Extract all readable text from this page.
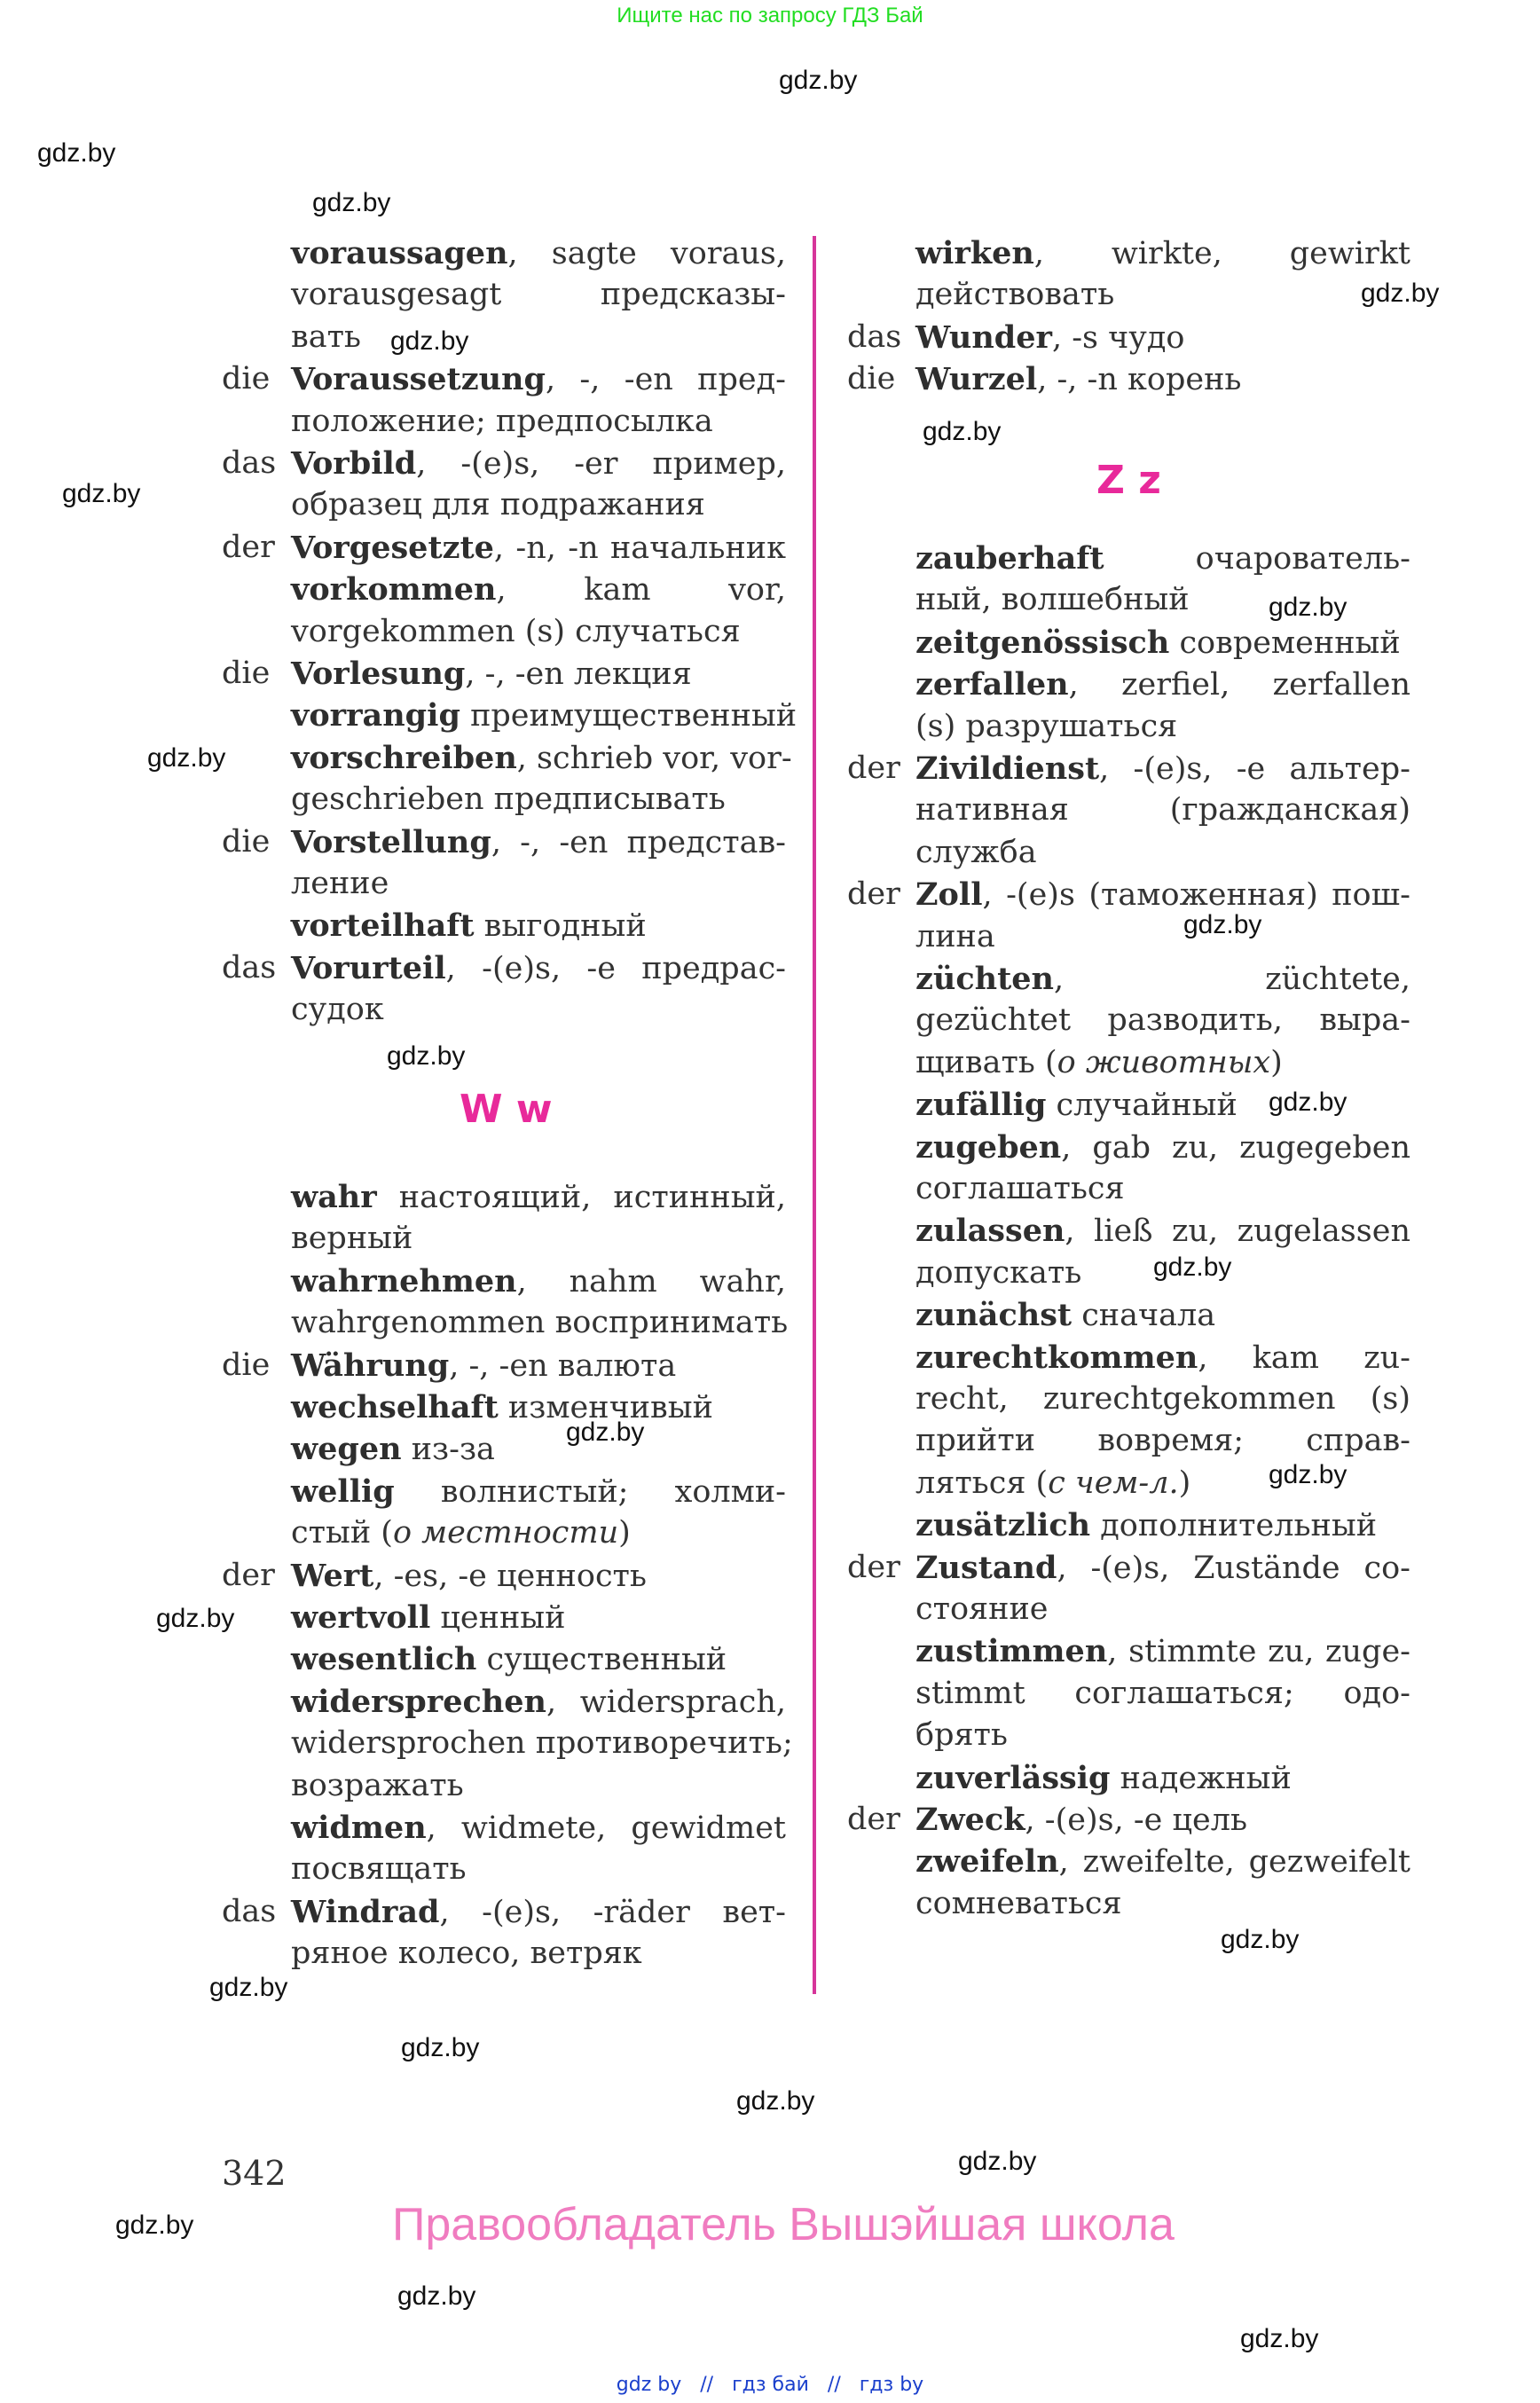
Ищите нас по запросу ГДЗ Бай
voraussagen, sagte voraus,
vorausgesagt   предсказы-
вать
die Voraussetzung, -, -en пред-
положение; предпосылка
das Vorbild, -(e)s, -er пример,
образец для подражания
der Vorgesetzte, -n, -n начальник
vorkommen,    kam    vor,
vorgekommen (s) случаться
die Vorlesung, -, -en лекция
vorrangig преимущественный
vorschreiben, schrieb vor, vor-
geschrieben предписывать
die Vorstellung, -, -en представ-
ление
vorteilhaft выгодный
das Vorurteil, -(e)s, -e предрас-
судок
W w
wahr настоящий, истинный,
верный
wahrnehmen,   nahm   wahr,
wahrgenommen воспринимать
die Währung, -, -en валюта
wechselhaft изменчивый
wegen из-за
wellig  волнистый;  холми-
стый (о местности)
der Wert, -es, -e ценность
wertvoll ценный
wesentlich существенный
widersprechen, widersprach,
widersprochen противоречить;
возражать
widmen, widmete, gewidmet
посвящать
das Windrad, -(e)s, -räder вет-
ряное колесо, ветряк
wirken,   wirkte,   gewirkt
действовать
das Wunder, -s чудо
die Wurzel, -, -n корень
Z z
zauberhaft    очарователь-
ный, волшебный
zeitgenössisch современный
zerfallen,  zerfiel,  zerfallen
(s) разрушаться
der Zivildienst, -(e)s, -e альтер-
нативная    (гражданская)
служба
der Zoll, -(e)s (таможенная) пош-
лина
züchten,          züchtete,
gezüchtet разводить, выра-
щивать (о животных)
zufällig случайный
zugeben, gab zu, zugegeben
соглашаться
zulassen, ließ zu, zugelassen
допускать
zunächst сначала
zurechtkommen,   kam   zu-
recht, zurechtgekommen (s)
прийти   вовремя;   справ-
ляться (с чем-л.)
zusätzlich дополнительный
der Zustand, -(e)s, Zustände co-
стояние
zustimmen, stimmte zu, zuge-
stimmt  соглашаться;  одо-
брять
zuverlässig надежный
der Zweck, -(e)s, -e цель
zweifeln, zweifelte, gezweifelt
сомневаться
342
Правообладатель Вышэйшая школа
gdz by // гдз бай // гдз by
gdz.by
gdz.by
gdz.by
gdz.by
gdz.by
gdz.by
gdz.by
gdz.by
gdz.by
gdz.by
gdz.by
gdz.by
gdz.by
gdz.by
gdz.by
gdz.by
gdz.by
gdz.by
gdz.by
gdz.by
gdz.by
gdz.by
gdz.by
gdz.by
